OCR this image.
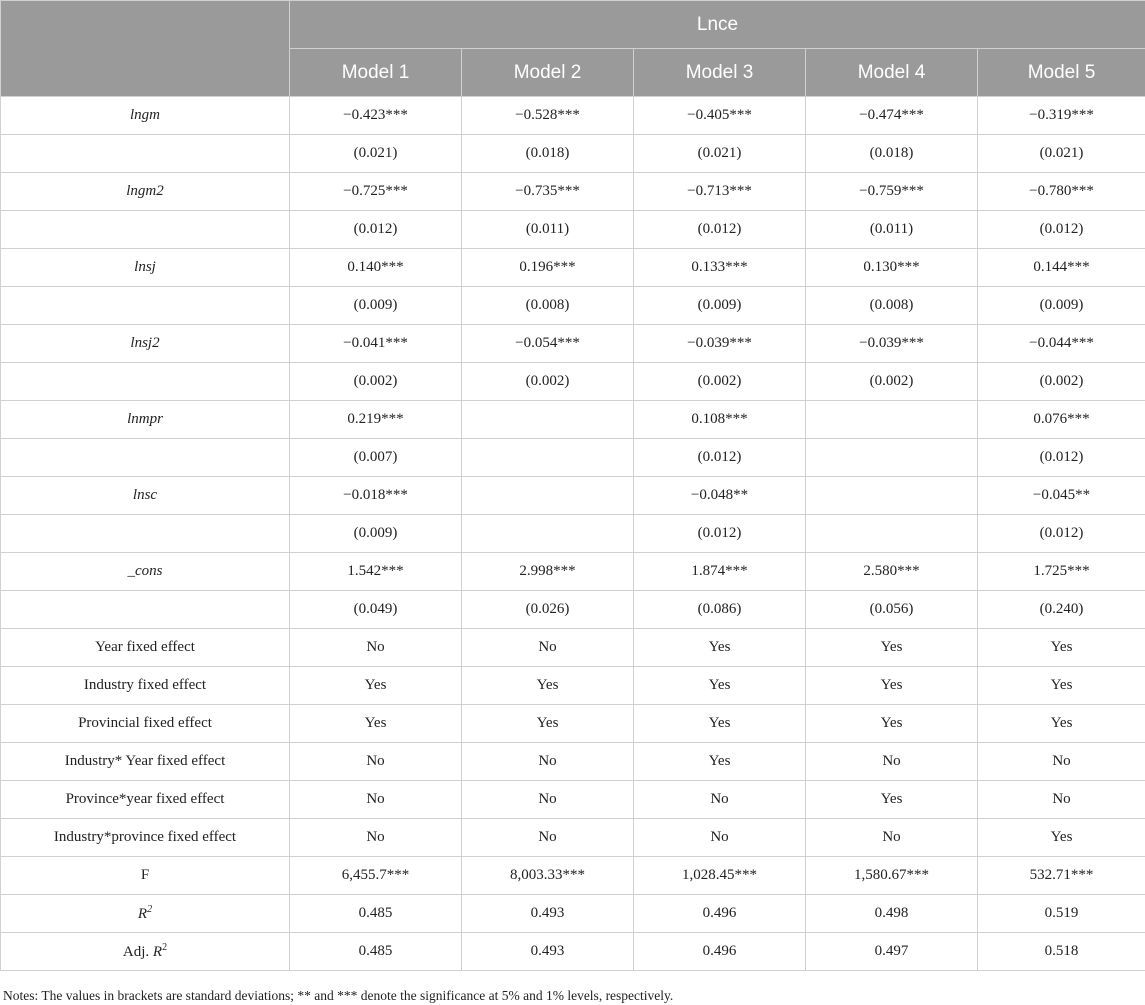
	Lnce				
	Model 1	Model 2	Model 3	Model 4	Model 5
lngm	−0.423***	−0.528***	−0.405***	−0.474***	−0.319***
	(0.021)	(0.018)	(0.021)	(0.018)	(0.021)
lngm2	−0.725***	−0.735***	−0.713***	−0.759***	−0.780***
	(0.012)	(0.011)	(0.012)	(0.011)	(0.012)
lnsj	0.140***	0.196***	0.133***	0.130***	0.144***
	(0.009)	(0.008)	(0.009)	(0.008)	(0.009)
lnsj2	−0.041***	−0.054***	−0.039***	−0.039***	−0.044***
	(0.002)	(0.002)	(0.002)	(0.002)	(0.002)
lnmpr	0.219***		0.108***		0.076***
	(0.007)		(0.012)		(0.012)
lnsc	−0.018***		−0.048**		−0.045**
	(0.009)		(0.012)		(0.012)
_cons	1.542***	2.998***	1.874***	2.580***	1.725***
	(0.049)	(0.026)	(0.086)	(0.056)	(0.240)
Year fixed effect	No	No	Yes	Yes	Yes
Industry fixed effect	Yes	Yes	Yes	Yes	Yes
Provincial fixed effect	Yes	Yes	Yes	Yes	Yes
Industry* Year fixed effect	No	No	Yes	No	No
Province*year fixed effect	No	No	No	Yes	No
Industry*province fixed effect	No	No	No	No	Yes
F	6,455.7***	8,003.33***	1,028.45***	1,580.67***	532.71***
$R^2$	0.485	0.493	0.496	0.498	0.519
Adj. $R^2$	0.485	0.493	0.496	0.497	0.518
Notes: The values in brackets are standard deviations; ** and *** denote the significance at 5% and 1% levels, respectively.
